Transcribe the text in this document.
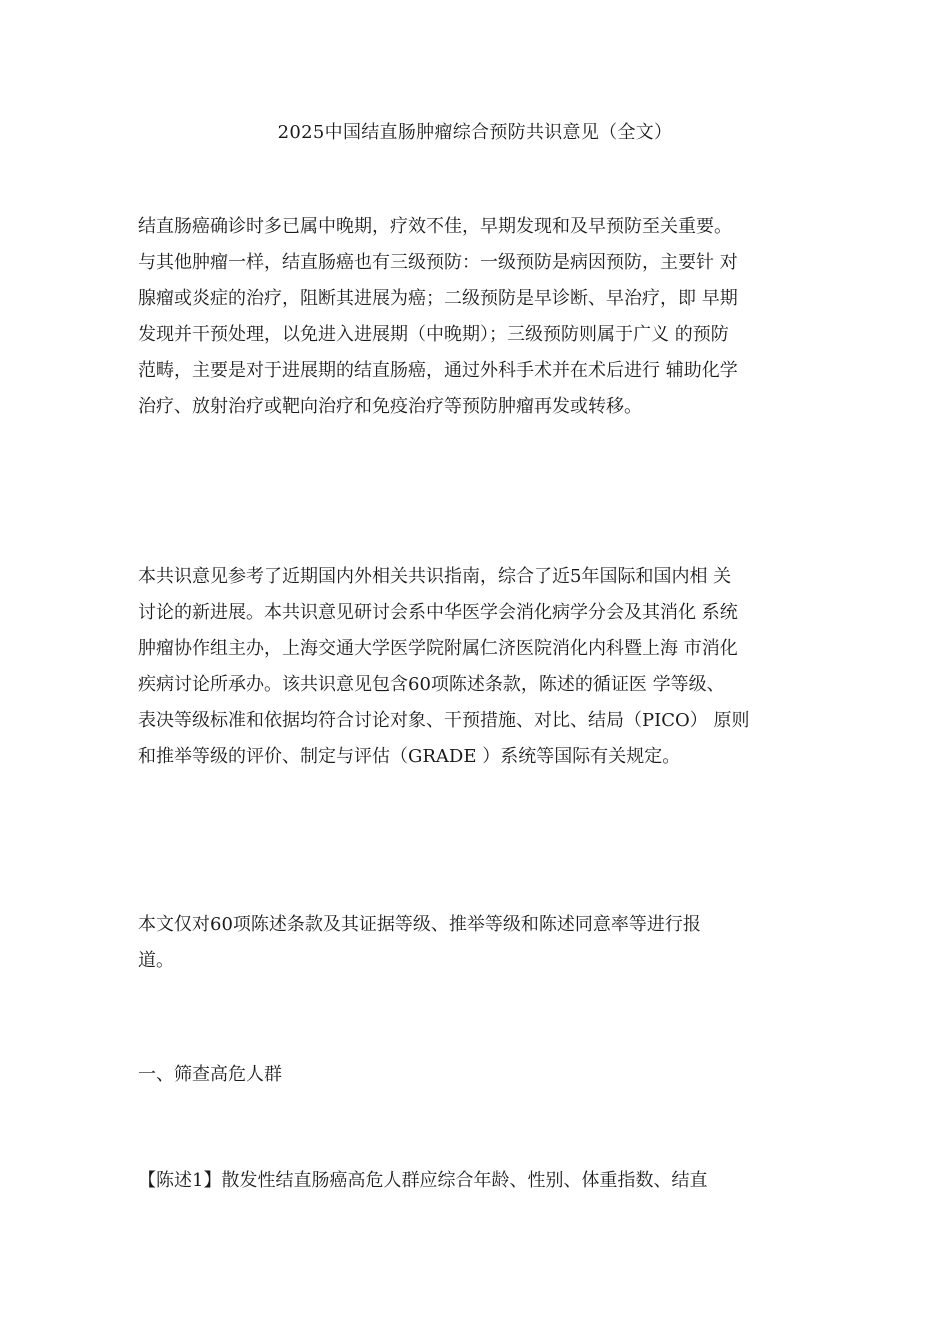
2025中国结直肠肿瘤综合预防共识意见（全文）
结直肠癌确诊时多已属中晚期，疗效不佳，早期发现和及早预防至关重要。
与其他肿瘤一样，结直肠癌也有三级预防：一级预防是病因预防，主要针 对
腺瘤或炎症的治疗，阻断其进展为癌；二级预防是早诊断、早治疗，即 早期
发现并干预处理，以免进入进展期（中晚期）；三级预防则属于广义 的预防
范畴，主要是对于进展期的结直肠癌，通过外科手术并在术后进行 辅助化学
治疗、放射治疗或靶向治疗和免疫治疗等预防肿瘤再发或转移。
本共识意见参考了近期国内外相关共识指南，综合了近5年国际和国内相 关
讨论的新进展。本共识意见研讨会系中华医学会消化病学分会及其消化 系统
肿瘤协作组主办，上海交通大学医学院附属仁济医院消化内科暨上海 市消化
疾病讨论所承办。该共识意见包含60项陈述条款，陈述的循证医 学等级、
表决等级标准和依据均符合讨论对象、干预措施、对比、结局（PICO） 原则
和推举等级的评价、制定与评估（GRADE ）系统等国际有关规定。
本文仅对60项陈述条款及其证据等级、推举等级和陈述同意率等进行报
道。
一、筛查高危人群
【陈述1】散发性结直肠癌高危人群应综合年龄、性别、体重指数、结直
